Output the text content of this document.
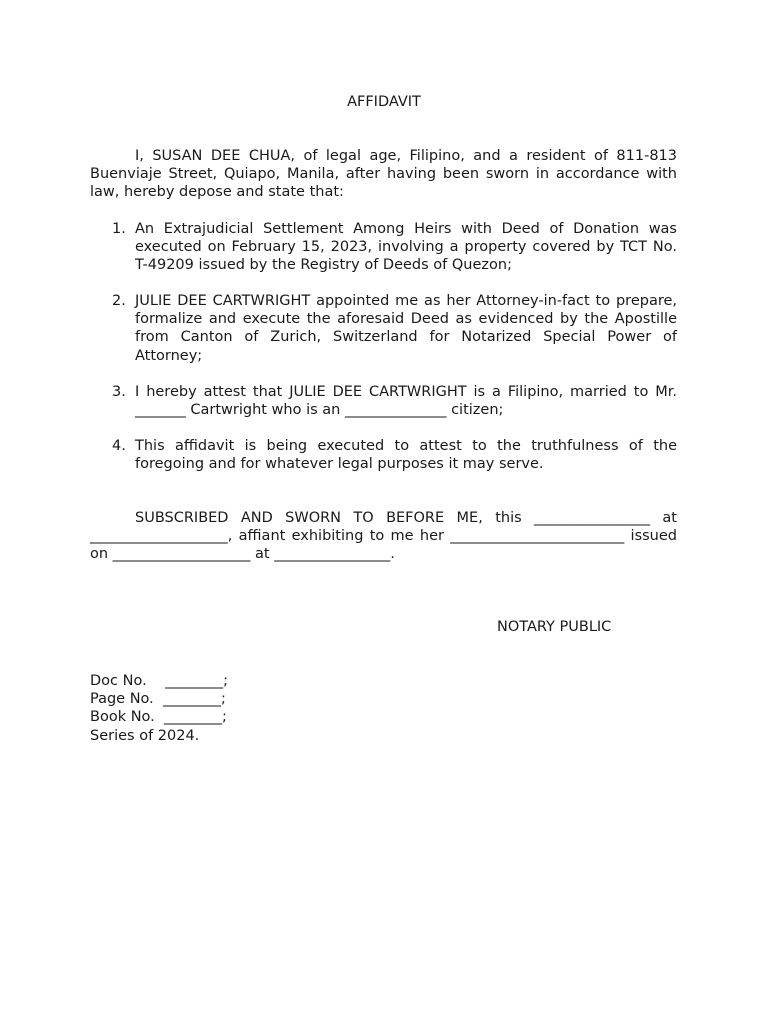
AFFIDAVIT
I, SUSAN DEE CHUA, of legal age, Filipino, and a resident of 811-813 Buenviaje Street, Quiapo, Manila, after having been sworn in accordance with law, hereby depose and state that:
1. An Extrajudicial Settlement Among Heirs with Deed of Donation was executed on February 15, 2023, involving a property covered by TCT No. T-49209 issued by the Registry of Deeds of Quezon;
2. JULIE DEE CARTWRIGHT appointed me as her Attorney-in-fact to prepare, formalize and execute the aforesaid Deed as evidenced by the Apostille from Canton of Zurich, Switzerland for Notarized Special Power of Attorney;
3. I hereby attest that JULIE DEE CARTWRIGHT is a Filipino, married to Mr. _______ Cartwright who is an ______________ citizen;
4. This affidavit is being executed to attest to the truthfulness of the foregoing and for whatever legal purposes it may serve.
SUBSCRIBED AND SWORN TO BEFORE ME, this ________________ at ___________________, affiant exhibiting to me her ________________________ issued on ___________________ at ________________.
NOTARY PUBLIC
Doc No.    ________;
Page No.  ________;
Book No.  ________;
Series of 2024.
